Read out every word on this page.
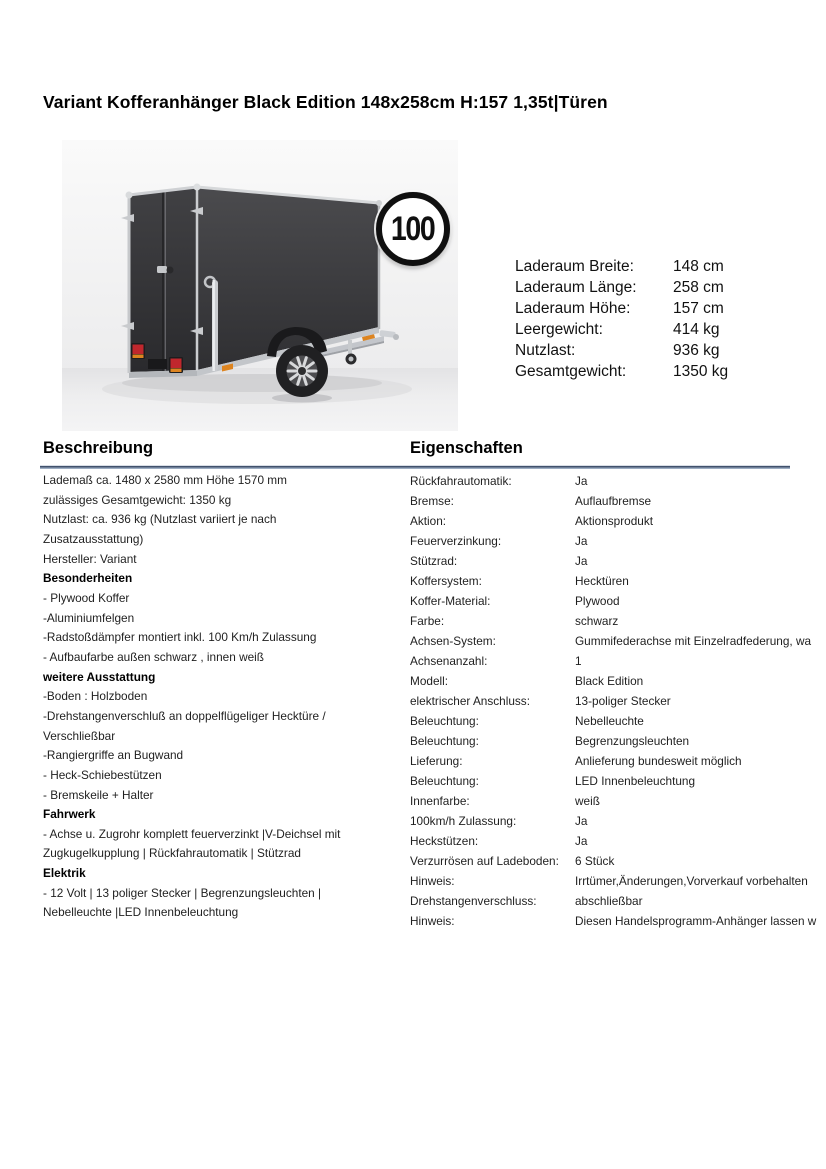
Variant Kofferanhänger Black Edition 148x258cm H:157 1,35t|Türen
100
Laderaum Breite:	148 cm
Laderaum Länge:	258 cm
Laderaum Höhe:	157 cm
Leergewicht:	414 kg
Nutzlast:	936 kg
Gesamtgewicht:	1350 kg
Beschreibung	Eigenschaften
Lademaß ca. 1480 x 2580 mm Höhe 1570 mm
zulässiges Gesamtgewicht: 1350 kg
Nutzlast: ca. 936 kg (Nutzlast variiert je nach
Zusatzausstattung)
Hersteller: Variant
Besonderheiten
- Plywood Koffer
-Aluminiumfelgen
-Radstoßdämpfer montiert inkl. 100 Km/h Zulassung
- Aufbaufarbe außen schwarz , innen weiß
weitere Ausstattung
-Boden : Holzboden
-Drehstangenverschluß an doppelflügeliger Hecktüre /
Verschließbar
-Rangiergriffe an Bugwand
- Heck-Schiebestützen
- Bremskeile + Halter
Fahrwerk
- Achse u. Zugrohr komplett feuerverzinkt |V-Deichsel mit
Zugkugelkupplung | Rückfahrautomatik | Stützrad
Elektrik
- 12 Volt | 13 poliger Stecker | Begrenzungsleuchten |
Nebelleuchte |LED Innenbeleuchtung
Rückfahrautomatik:	Ja
Bremse:	Auflaufbremse
Aktion:	Aktionsprodukt
Feuerverzinkung:	Ja
Stützrad:	Ja
Koffersystem:	Hecktüren
Koffer-Material:	Plywood
Farbe:	schwarz
Achsen-System:	Gummifederachse mit Einzelradfederung, wa
Achsenanzahl:	1
Modell:	Black Edition
elektrischer Anschluss:	13-poliger Stecker
Beleuchtung:	Nebelleuchte
Beleuchtung:	Begrenzungsleuchten
Lieferung:	Anlieferung bundesweit möglich
Beleuchtung:	LED Innenbeleuchtung
Innenfarbe:	weiß
100km/h Zulassung:	Ja
Heckstützen:	Ja
Verzurrösen auf Ladeboden:	6 Stück
Hinweis:	Irrtümer,Änderungen,Vorverkauf vorbehalten
Drehstangenverschluss:	abschließbar
Hinweis:	Diesen Handelsprogramm-Anhänger lassen w
